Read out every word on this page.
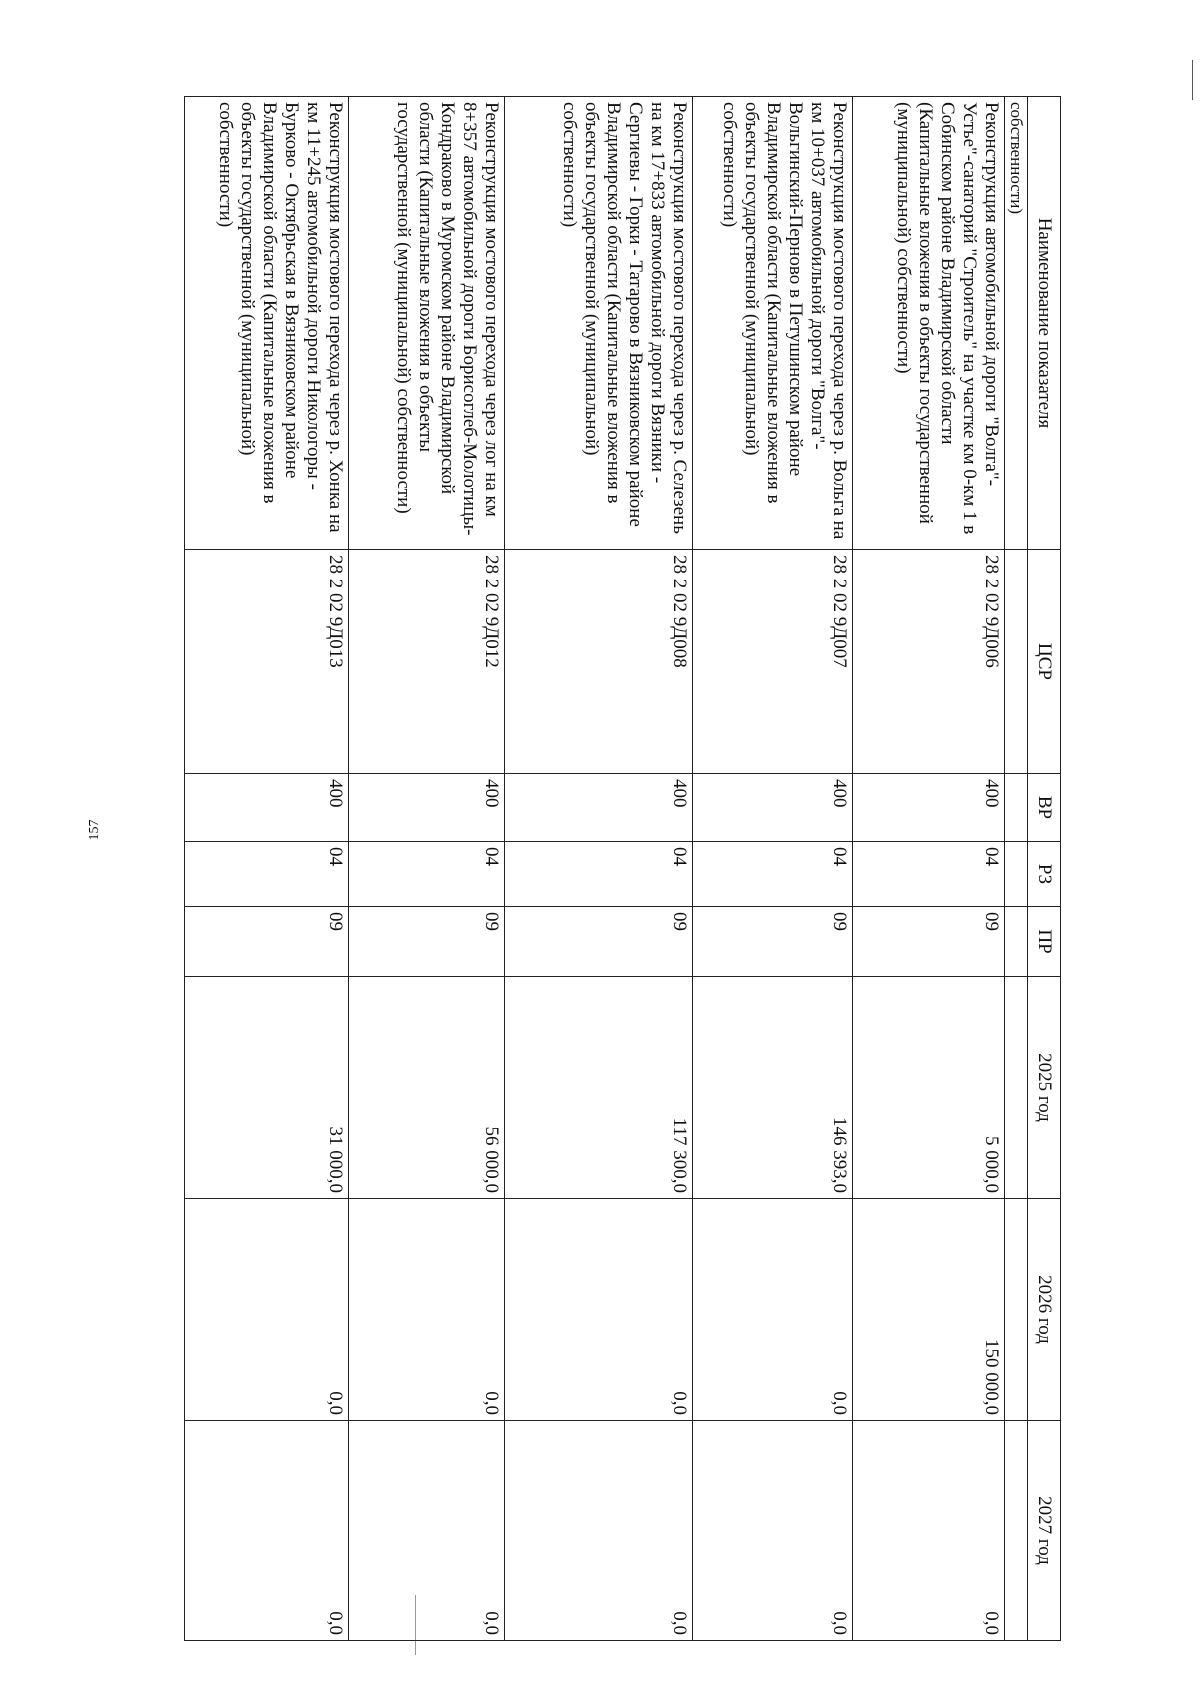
157
Наименование показателя	ЦСР	ВР	РЗ	ПР	2025 год	2026 год	2027 год
собственности)							
Реконструкция автомобильной дороги "Волга"-Устье"-санаторий "Строитель" на участке км 0-км 1 в Собинском районе Владимирской области (Капитальные вложения в объекты государственной (муниципальной) собственности)	28 2 02 9Д006	400	04	09	5 000,0	150 000,0	0,0
Реконструкция мостового перехода через р. Вольга на км 10+037 автомобильной дороги "Волга"-Вольгинский-Перново в Петушинском районе Владимирской области (Капитальные вложения в объекты государственной (муниципальной) собственности)	28 2 02 9Д007	400	04	09	146 393,0	0,0	0,0
Реконструкция мостового перехода через р. Селезень на км 17+833 автомобильной дороги Вязники - Сергиевы - Горки - Татарово в Вязниковском районе Владимирской области (Капитальные вложения в объекты государственной (муниципальной) собственности)	28 2 02 9Д008	400	04	09	117 300,0	0,0	0,0
Реконструкция мостового перехода через лог на км 8+357 автомобильной дороги Борисоглеб-Молотицы-Кондраково в Муромском районе Владимирской области (Капитальные вложения в объекты государственной (муниципальной) собственности)	28 2 02 9Д012	400	04	09	56 000,0	0,0	0,0
Реконструкция мостового перехода через р. Хонка на км 11+245 автомобильной дороги Никологоры - Бурково - Октябрьская в Вязниковском районе Владимирской области (Капитальные вложения в объекты государственной (муниципальной) собственности)	28 2 02 9Д013	400	04	09	31 000,0	0,0	0,0
